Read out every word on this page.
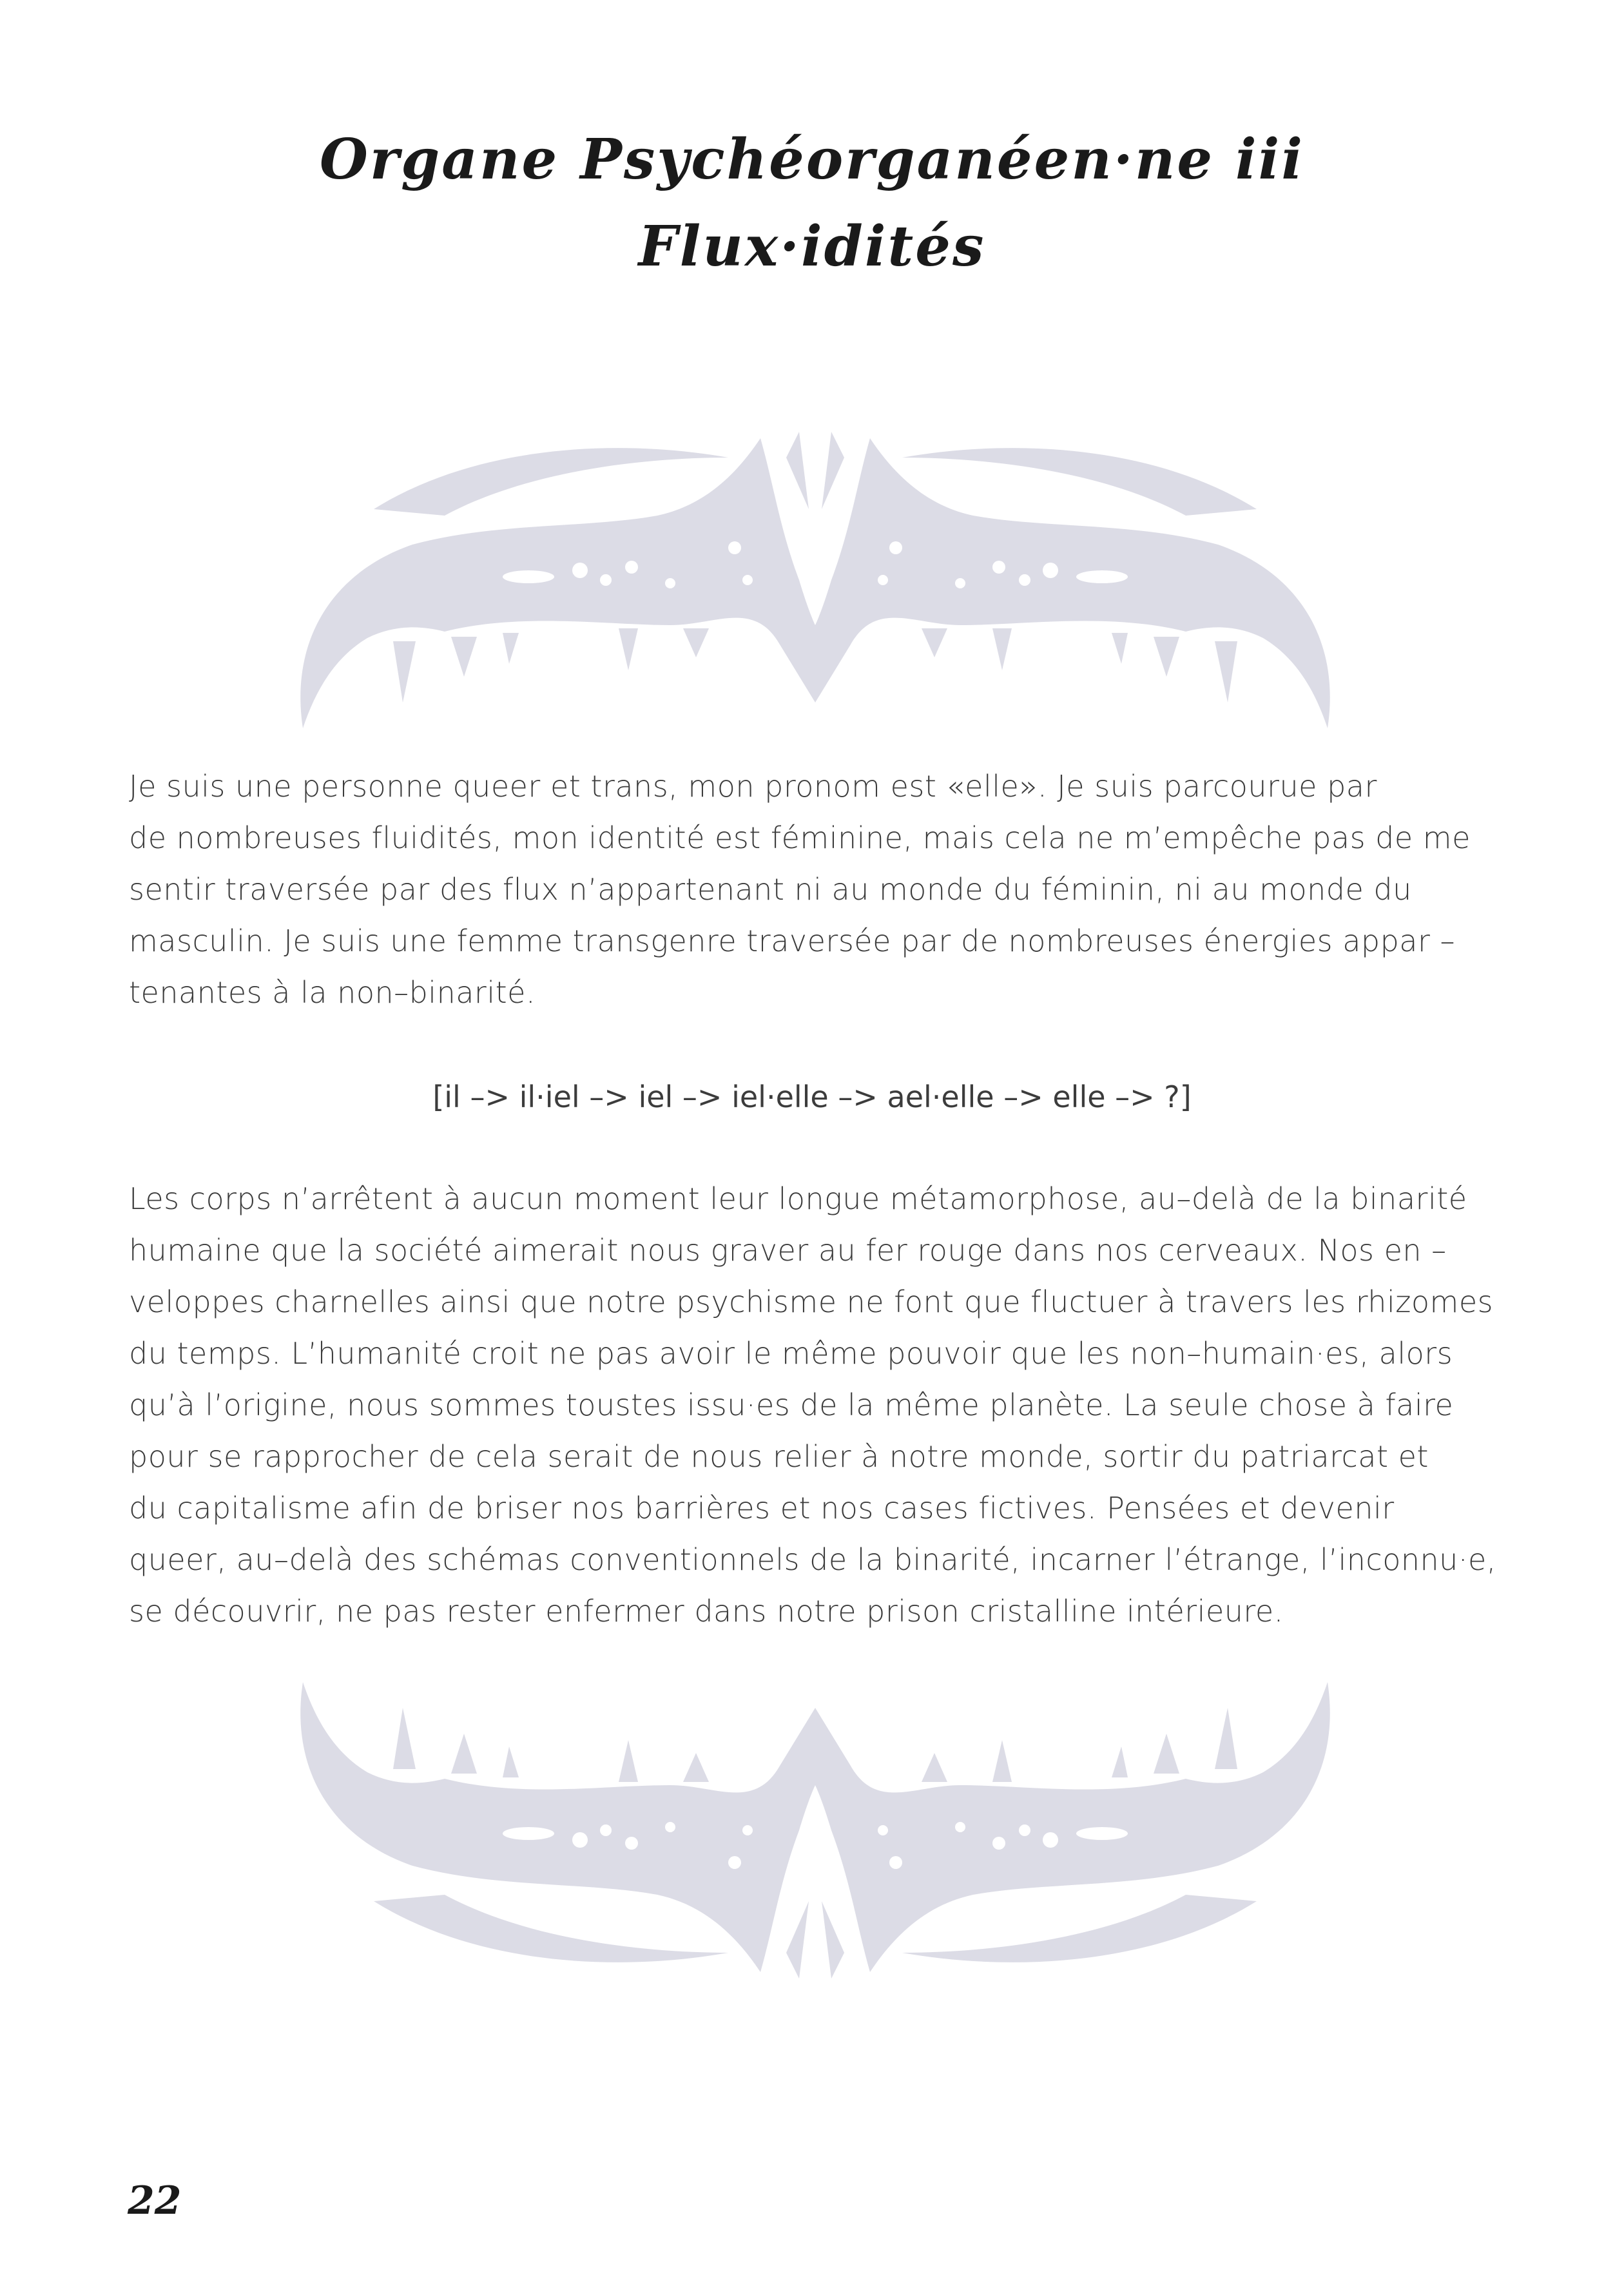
Organe Psychéorganéen·ne iii
Flux·idités
Je suis une personne queer et trans, mon pronom est «elle». Je suis parcourue par
de nombreuses fluidités, mon identité est féminine, mais cela ne m’empêche pas de me
sentir traversée par des flux n’appartenant ni au monde du féminin, ni au monde du
masculin. Je suis une femme transgenre traversée par de nombreuses énergies appar –
tenantes à la non–binarité.
[il –> il·iel –> iel –> iel·elle –> ael·elle –> elle –> ?]
Les corps n’arrêtent à aucun moment leur longue métamorphose, au–delà de la binarité
humaine que la société aimerait nous graver au fer rouge dans nos cerveaux. Nos en –
veloppes charnelles ainsi que notre psychisme ne font que fluctuer à travers les rhizomes
du temps. L’humanité croit ne pas avoir le même pouvoir que les non–humain·es, alors
qu’à l’origine, nous sommes toustes issu·es de la même planète. La seule chose à faire
pour se rapprocher de cela serait de nous relier à notre monde, sortir du patriarcat et
du capitalisme afin de briser nos barrières et nos cases fictives. Pensées et devenir
queer, au–delà des schémas conventionnels de la binarité, incarner l’étrange, l’inconnu·e,
se découvrir, ne pas rester enfermer dans notre prison cristalline intérieure.
22
